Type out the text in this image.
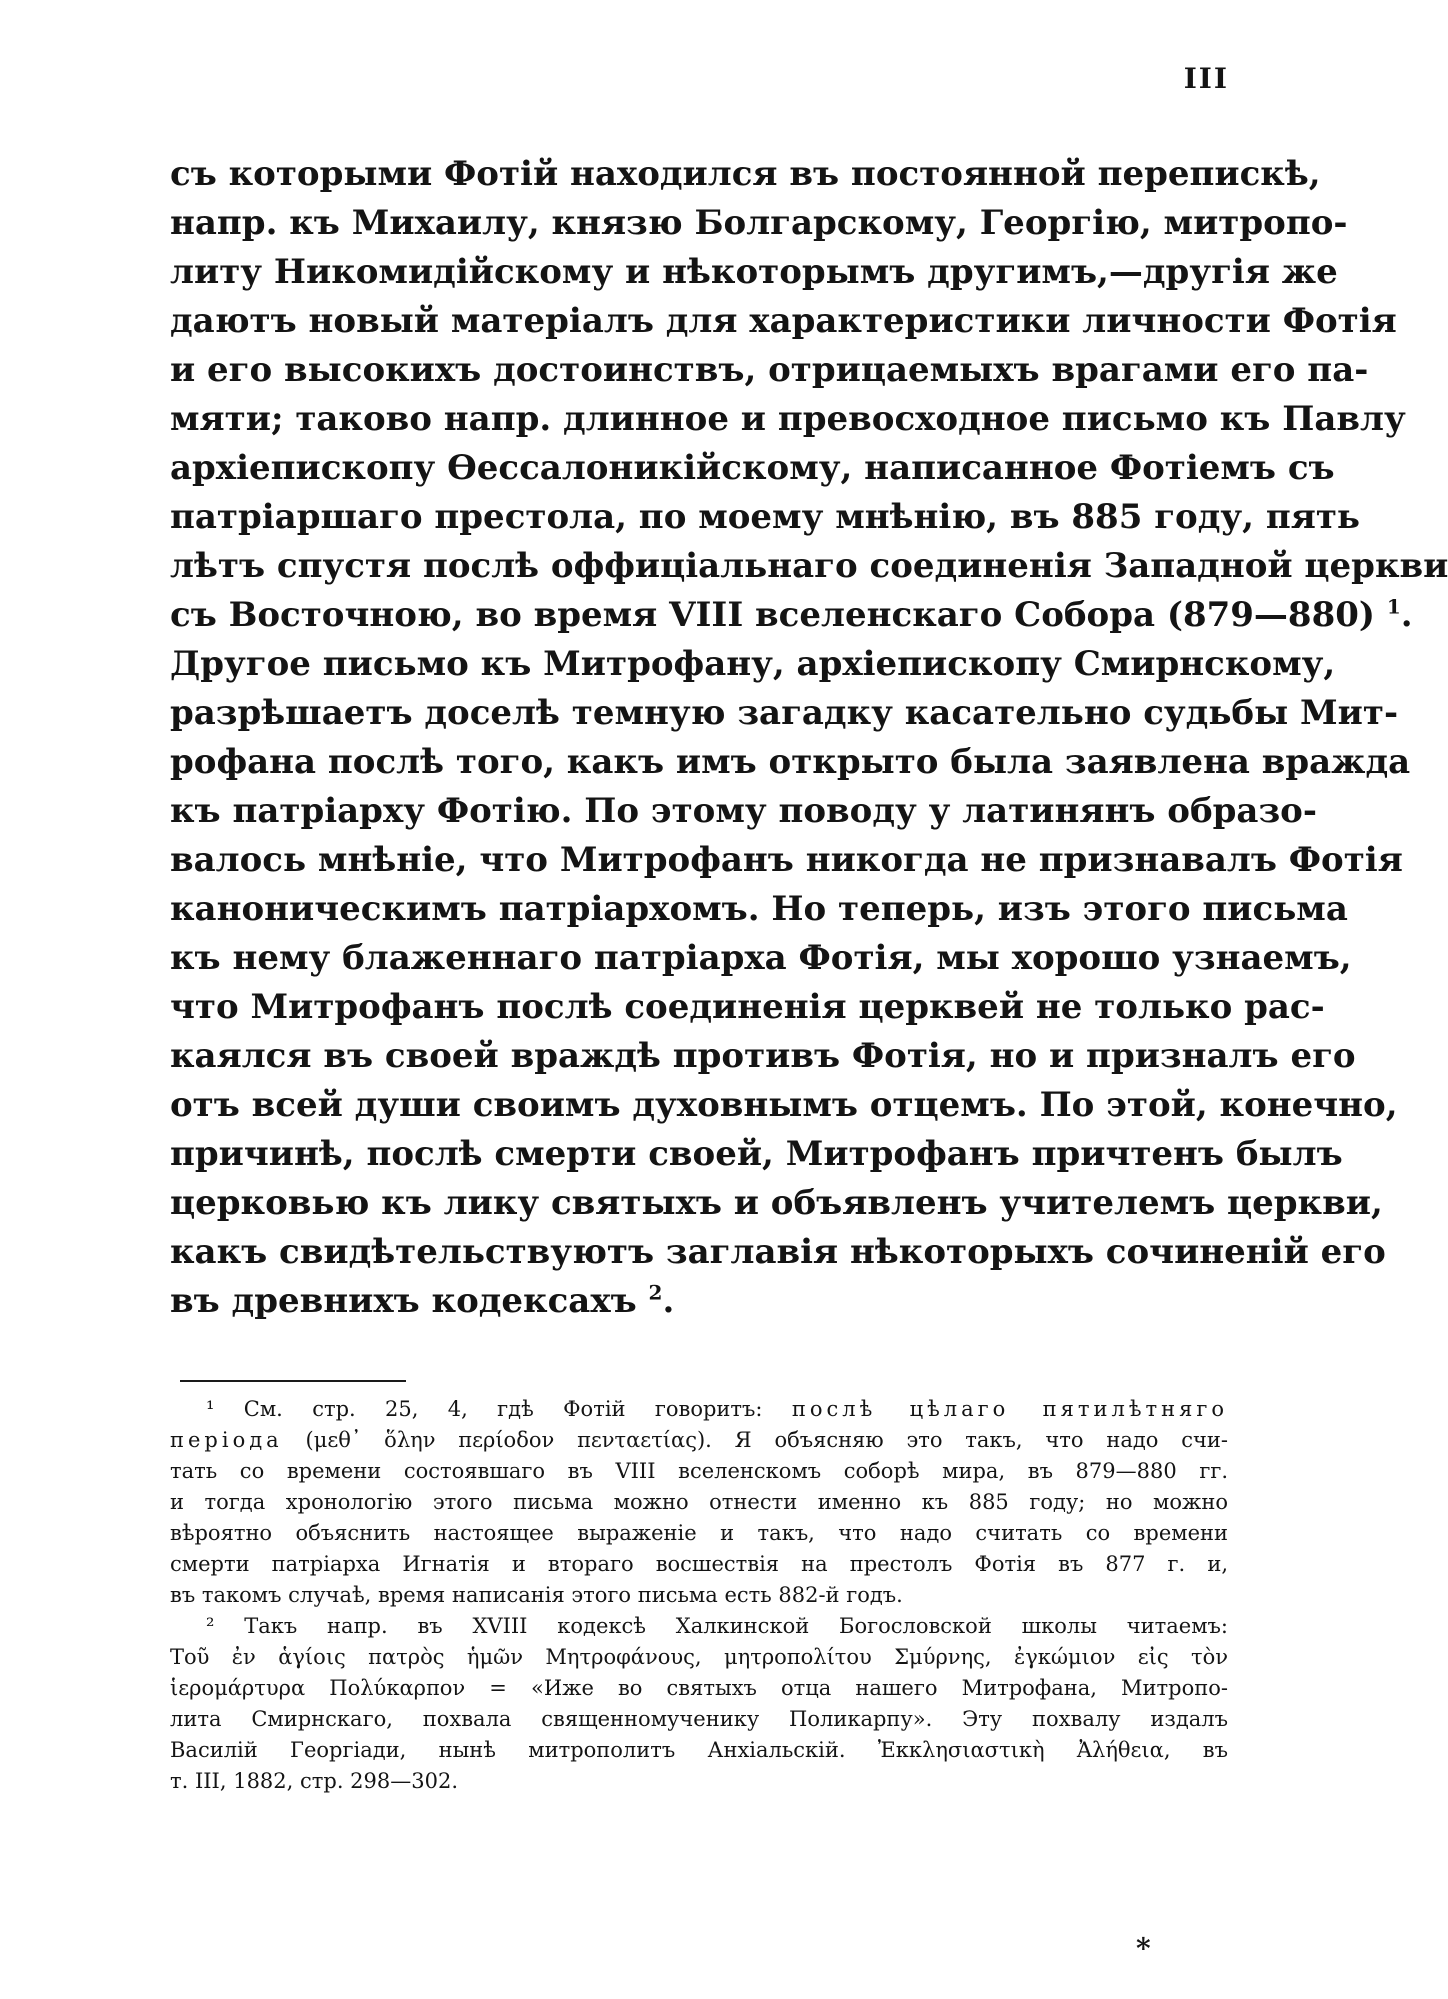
III
съ которыми Фотій находился въ постоянной перепискѣ,
напр. къ Михаилу, князю Болгарскому, Георгію, митропо-
литу Никомидійскому и нѣкоторымъ другимъ,—другія же
даютъ новый матеріалъ для характеристики личности Фотія
и его высокихъ достоинствъ, отрицаемыхъ врагами его па-
мяти; таково напр. длинное и превосходное письмо къ Павлу
архіепископу Өессалоникійскому, написанное Фотіемъ съ
патріаршаго престола, по моему мнѣнію, въ 885 году, пять
лѣтъ спустя послѣ оффиціальнаго соединенія Западной церкви
съ Восточною, во время VIII вселенскаго Собора (879—880) $^1$.
Другое письмо къ Митрофану, архіепископу Смирнскому,
разрѣшаетъ доселѣ темную загадку касательно судьбы Мит-
рофана послѣ того, какъ имъ открыто была заявлена вражда
къ патріарху Фотію. По этому поводу у латинянъ образо-
валось мнѣніе, что Митрофанъ никогда не признавалъ Фотія
каноническимъ патріархомъ. Но теперь, изъ этого письма
къ нему блаженнаго патріарха Фотія, мы хорошо узнаемъ,
что Митрофанъ послѣ соединенія церквей не только рас-
каялся въ своей враждѣ противъ Фотія, но и призналъ его
отъ всей души своимъ духовнымъ отцемъ. По этой, конечно,
причинѣ, послѣ смерти своей, Митрофанъ причтенъ былъ
церковью къ лику святыхъ и объявленъ учителемъ церкви,
какъ свидѣтельствуютъ заглавія нѣкоторыхъ сочиненій его
въ древнихъ кодексахъ $^2$.
¹ См. стр. 25, 4, гдѣ Фотій говоритъ: послѣ цѣлаго пятилѣтняго
періода (μεθ᾽ ὅλην περίοδον πενταετίας). Я объясняю это такъ, что надо счи-
тать со времени состоявшаго въ VIII вселенскомъ соборѣ мира, въ 879—880 гг.
и тогда хронологію этого письма можно отнести именно къ 885 году; но можно
вѣроятно объяснить настоящее выраженіе и такъ, что надо считать со времени
смерти патріарха Игнатія и втораго восшествія на престолъ Фотія въ 877 г. и,
въ такомъ случаѣ, время написанія этого письма есть 882-й годъ.
² Такъ напр. въ XVIII кодексѣ Халкинской Богословской школы читаемъ:
Τοῦ ἐν ἁγίοις πατρὸς ἡμῶν Μητροφάνους, μητροπολίτου Σμύρνης, ἐγκώμιον εἰς τὸν
ἱερομάρτυρα Πολύκαρπον = «Иже во святыхъ отца нашего Митрофана, Митропо-
лита Смирнскаго, похвала священномученику Поликарпу». Эту похвалу издалъ
Василій Георгіади, нынѣ митрополитъ Анхіальскій. Ἐκκλησιαστικὴ Ἀλήθεια, въ
т. III, 1882, стр. 298—302.
*
